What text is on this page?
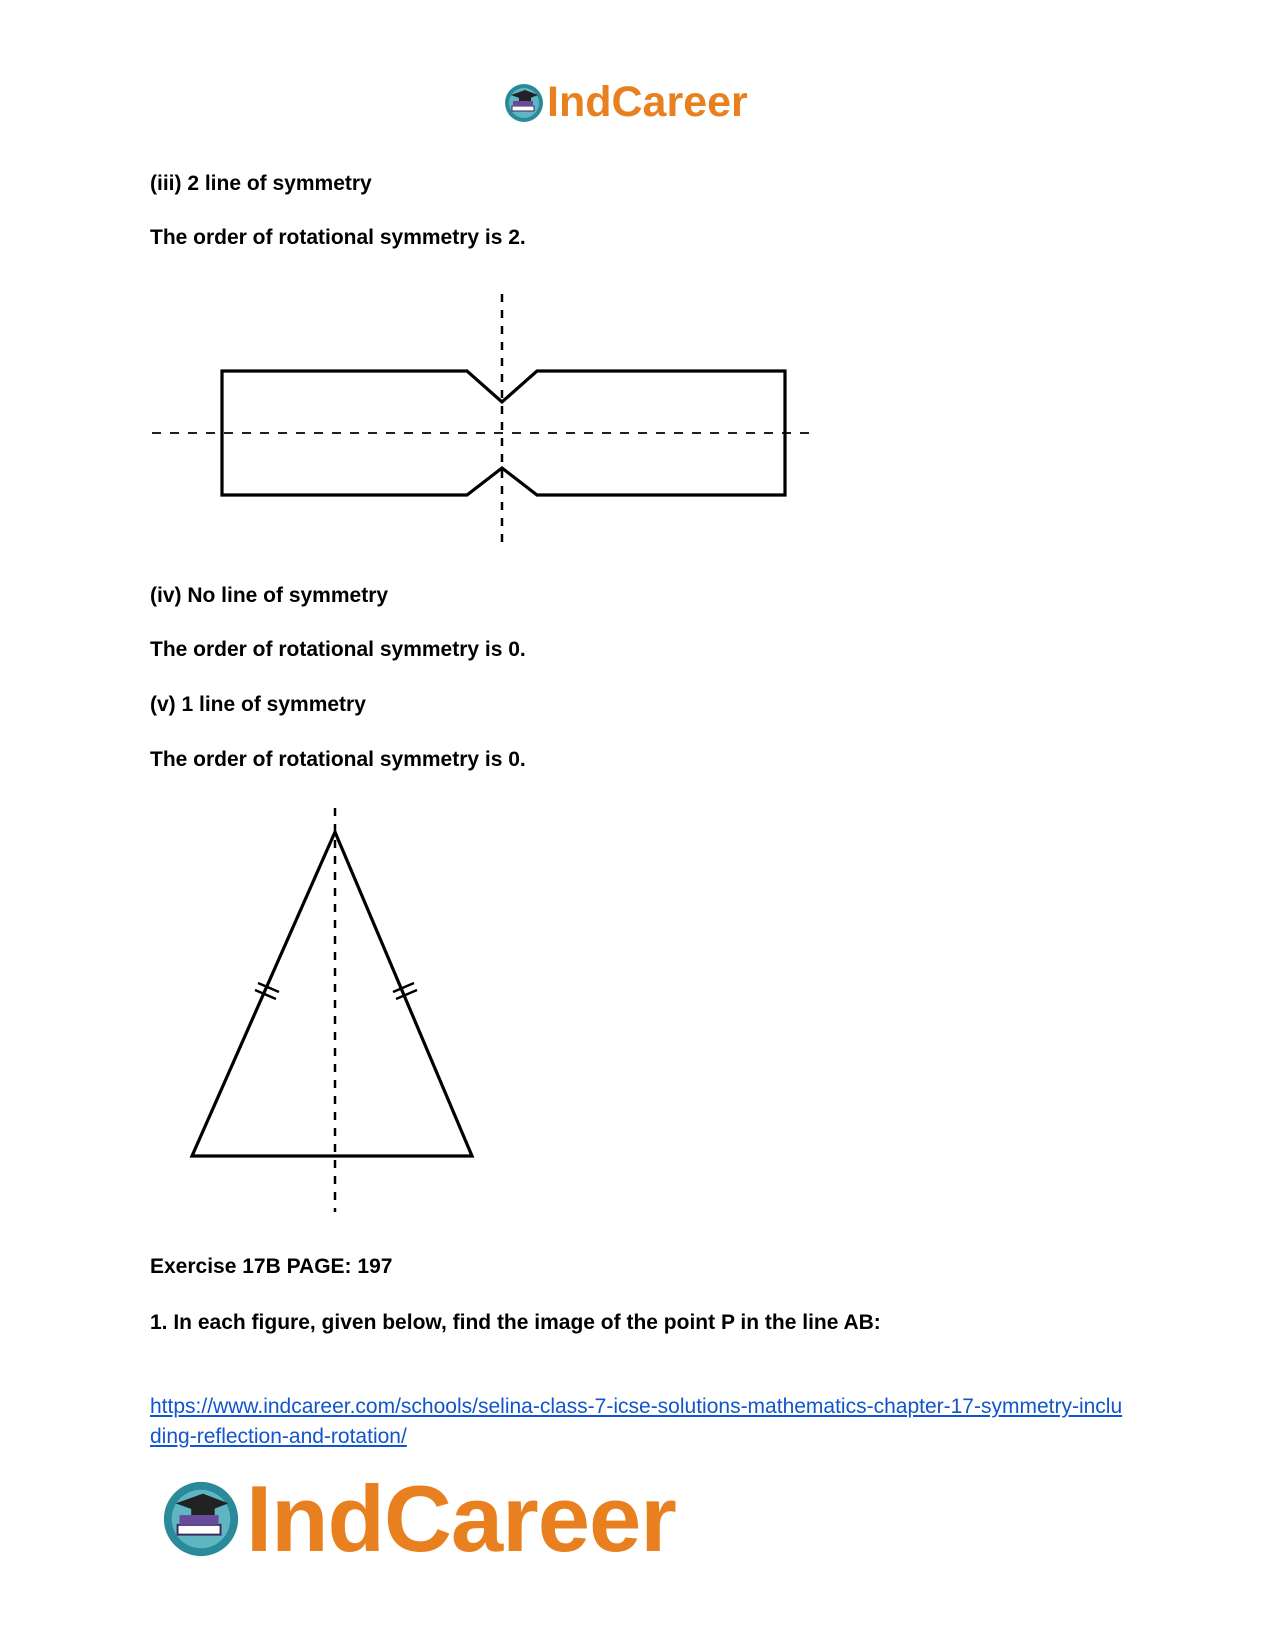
IndCareer
(iii) 2 line of symmetry
The order of rotational symmetry is 2.
(iv) No line of symmetry
The order of rotational symmetry is 0.
(v) 1 line of symmetry
The order of rotational symmetry is 0.
Exercise 17B PAGE: 197
1. In each figure, given below, find the image of the point P in the line AB:
https://www.indcareer.com/schools/selina-class-7-icse-solutions-mathematics-chapter-17-symmetry-including-reflection-and-rotation/
IndCareer
